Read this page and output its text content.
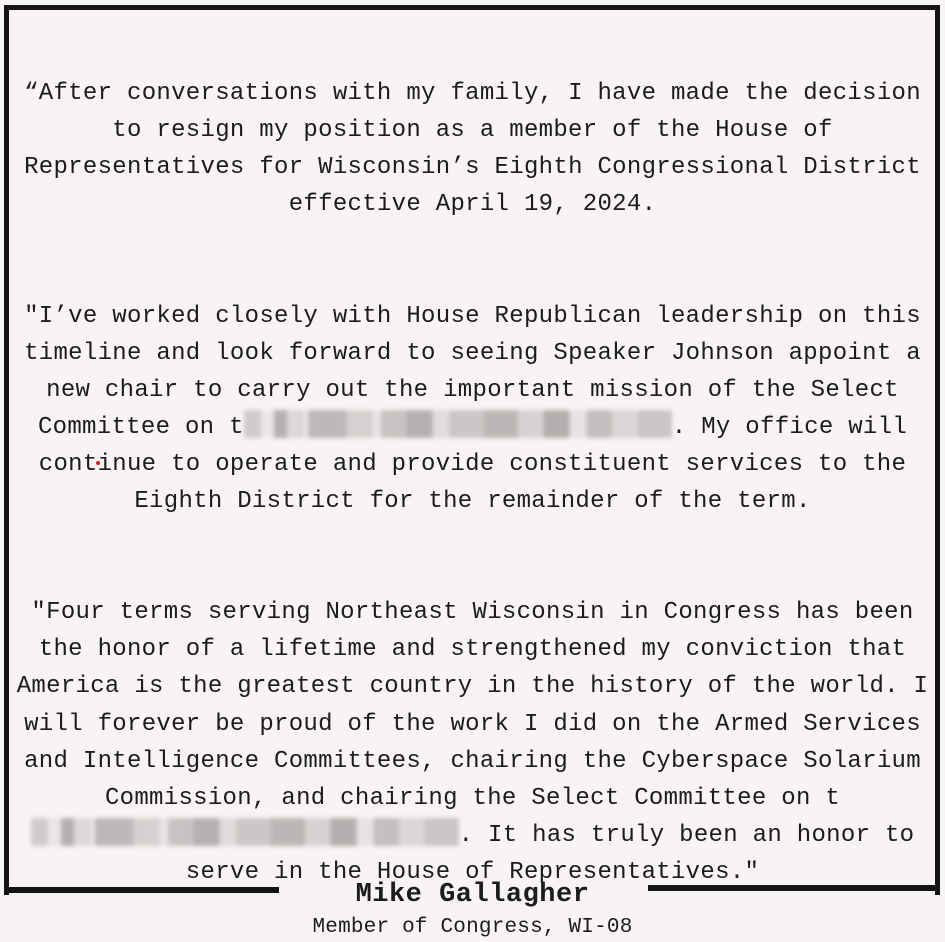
“After conversations with my family, I have made the decision to resign my position as a member of the House of Representatives for Wisconsin’s Eighth Congressional District effective April 19, 2024.

"I’ve worked closely with House Republican leadership on this timeline and look forward to seeing Speaker Johnson appoint a new chair to carry out the important mission of the Select Committee on t	. My office will continue to operate and provide constituent services to the Eighth District for the remainder of the term.

"Four terms serving Northeast Wisconsin in Congress has been the honor of a lifetime and strengthened my conviction that America is the greatest country in the history of the world. I will forever be proud of the work I did on the Armed Services and Intelligence Committees, chairing the Cyberspace Solarium Commission, and chairing the Select Committee on t. It has truly been an honor to serve in the House of Representatives."

Mike Gallagher
Member of Congress, WI-08
